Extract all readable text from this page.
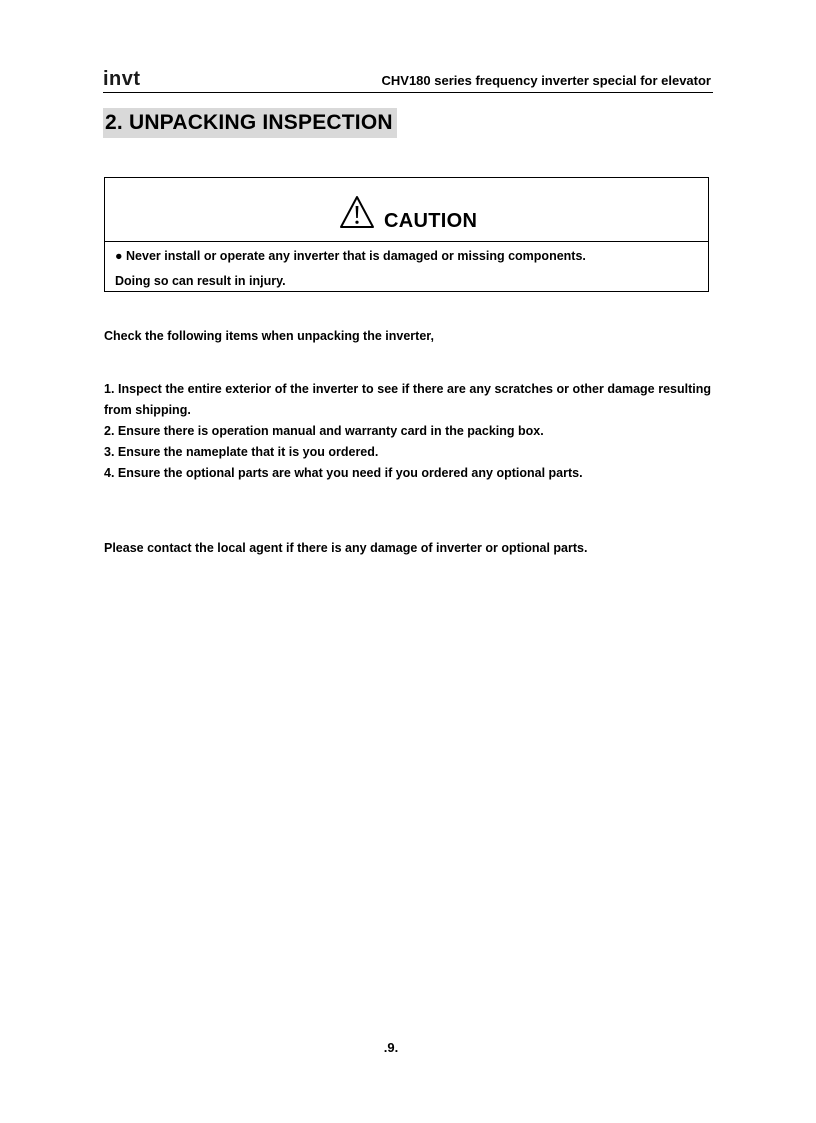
invt	CHV180 series frequency inverter special for elevator
2. UNPACKING INSPECTION
CAUTION
● Never install or operate any inverter that is damaged or missing components.
Doing so can result in injury.
Check the following items when unpacking the inverter,

1. Inspect the entire exterior of the inverter to see if there are any scratches or other damage resulting from shipping.

2. Ensure there is operation manual and warranty card in the packing box.

3. Ensure the nameplate that it is you ordered.

4. Ensure the optional parts are what you need if you ordered any optional parts.

Please contact the local agent if there is any damage of inverter or optional parts.
.9.
